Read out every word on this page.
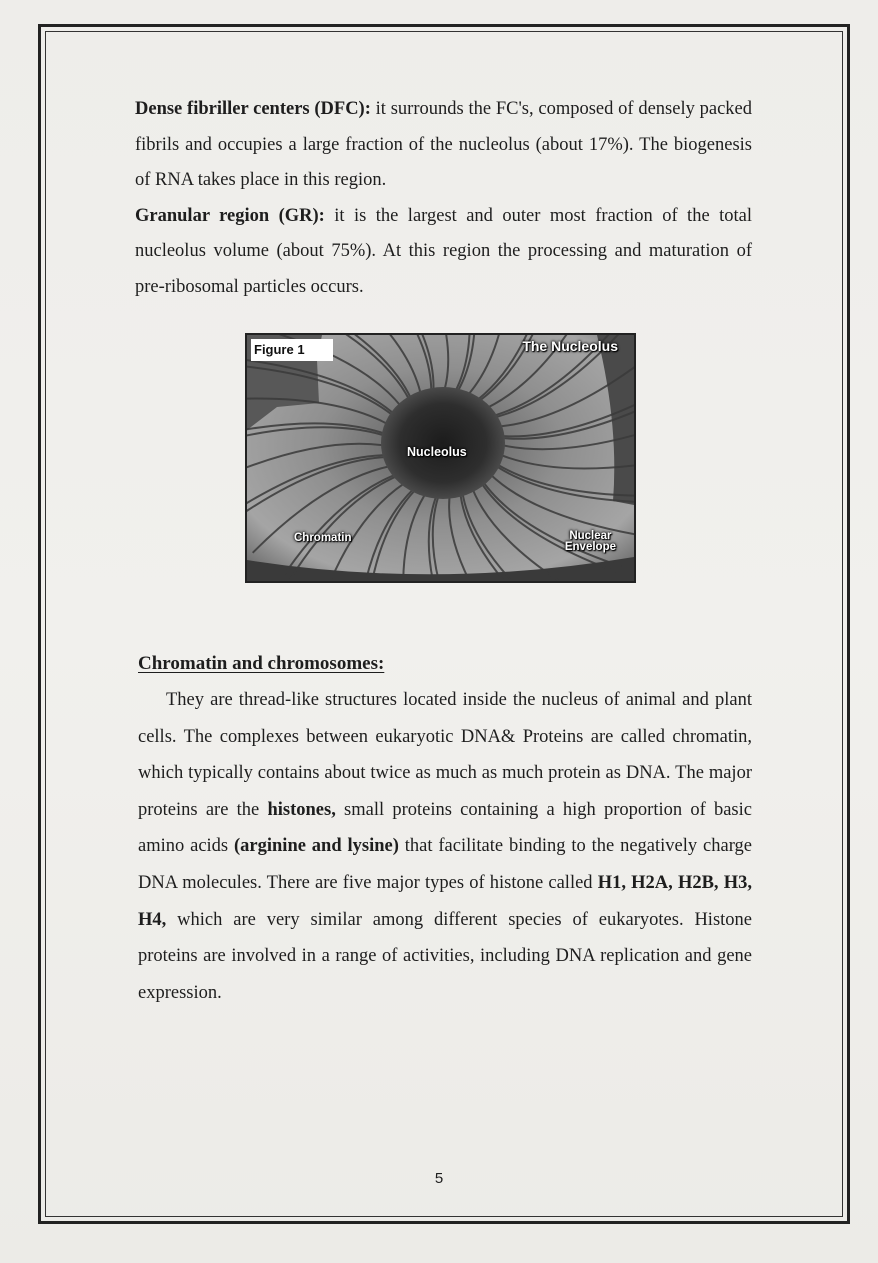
Dense fibriller centers (DFC): it surrounds the FC's, composed of densely packed fibrils and occupies a large fraction of the nucleolus (about 17%). The biogenesis of RNA takes place in this region.

Granular region (GR): it is the largest and outer most fraction of the total nucleolus volume (about 75%). At this region the processing and maturation of pre-ribosomal particles occurs.

Figure 1	The Nucleolus
Nucleolus
Chromatin	Nuclear
Envelope
Chromatin and chromosomes:

They are thread-like structures located inside the nucleus of animal and plant cells. The complexes between eukaryotic DNA& Proteins are called chromatin, which typically contains about twice as much as much protein as DNA. The major proteins are the histones, small proteins containing a high proportion of basic amino acids (arginine and lysine) that facilitate binding to the negatively charge DNA molecules. There are five major types of histone called H1, H2A, H2B, H3, H4, which are very similar among different species of eukaryotes. Histone proteins are involved in a range of activities, including DNA replication and gene expression.

5
